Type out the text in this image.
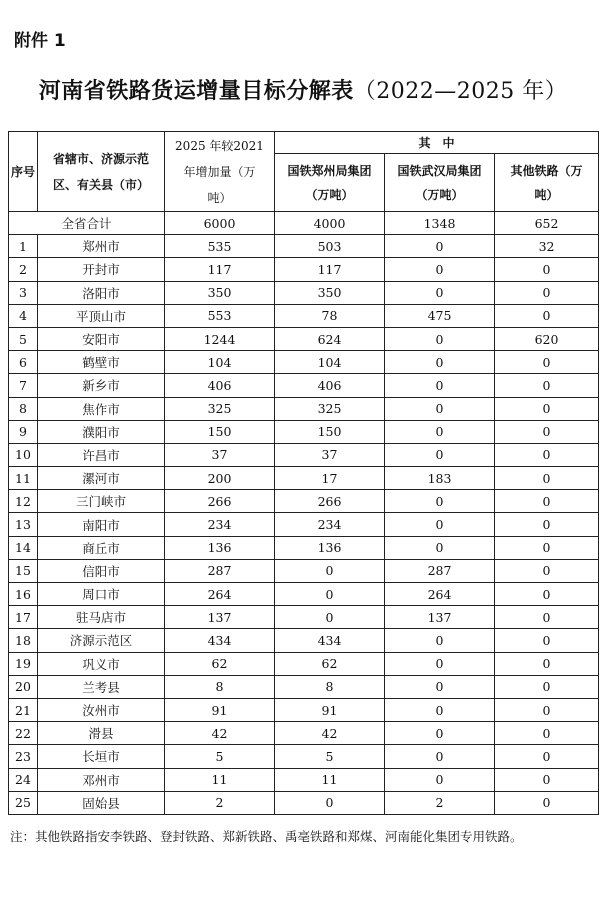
附件 1
河南省铁路货运增量目标分解表（2022—2025 年）
序号	省辖市、济源示范区、有关县（市）	2025 年较2021 年增加量（万吨）	其　中		
			国铁郑州局集团（万吨）	国铁武汉局集团（万吨）	其他铁路（万吨）
全省合计		6000	4000	1348	652
1	郑州市	535	503	0	32
2	开封市	117	117	0	0
3	洛阳市	350	350	0	0
4	平顶山市	553	78	475	0
5	安阳市	1244	624	0	620
6	鹤壁市	104	104	0	0
7	新乡市	406	406	0	0
8	焦作市	325	325	0	0
9	濮阳市	150	150	0	0
10	许昌市	37	37	0	0
11	漯河市	200	17	183	0
12	三门峡市	266	266	0	0
13	南阳市	234	234	0	0
14	商丘市	136	136	0	0
15	信阳市	287	0	287	0
16	周口市	264	0	264	0
17	驻马店市	137	0	137	0
18	济源示范区	434	434	0	0
19	巩义市	62	62	0	0
20	兰考县	8	8	0	0
21	汝州市	91	91	0	0
22	滑县	42	42	0	0
23	长垣市	5	5	0	0
24	邓州市	11	11	0	0
25	固始县	2	0	2	0
注：其他铁路指安李铁路、登封铁路、郑新铁路、禹亳铁路和郑煤、河南能化集团专用铁路。
